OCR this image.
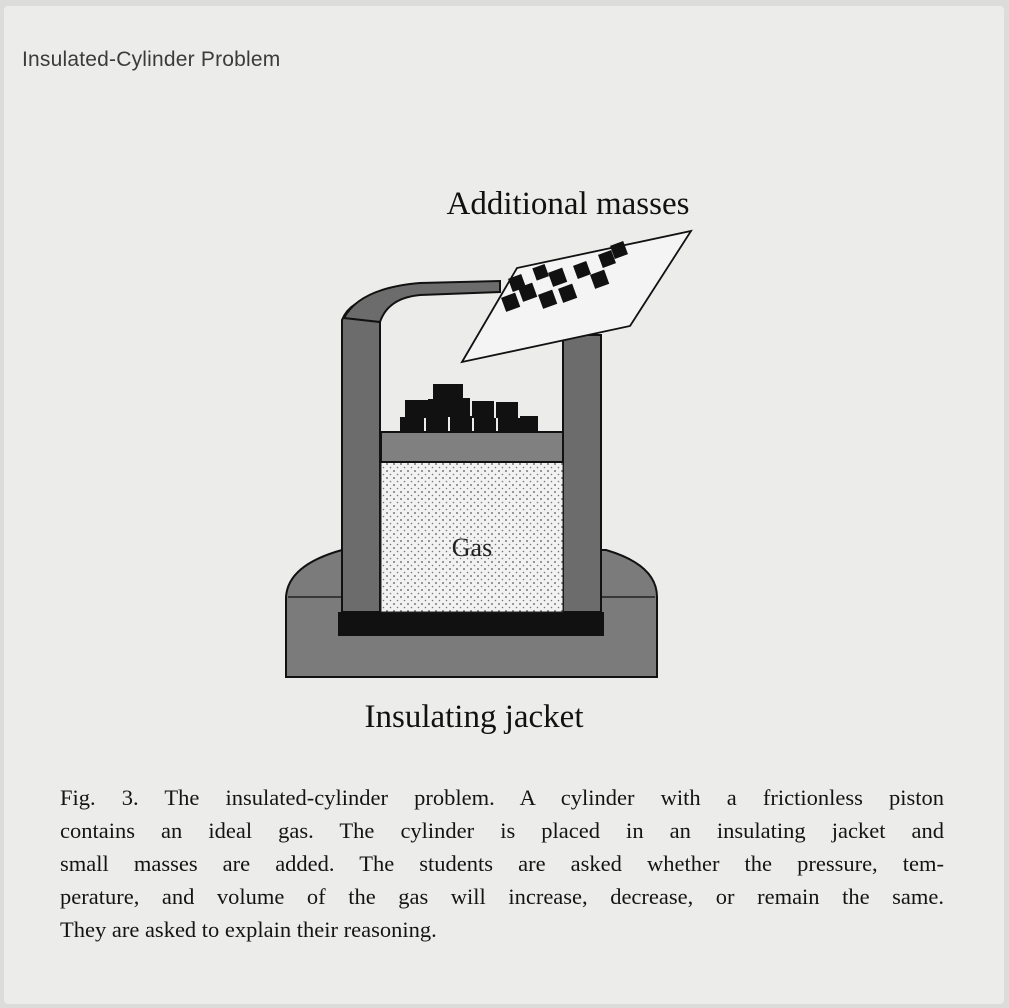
Insulated-Cylinder Problem
Gas
Additional masses
Insulating jacket
Fig. 3. The insulated-cylinder problem. A cylinder with a frictionless piston
contains an ideal gas. The cylinder is placed in an insulating jacket and
small masses are added. The students are asked whether the pressure, tem-
perature, and volume of the gas will increase, decrease, or remain the same.
They are asked to explain their reasoning.
